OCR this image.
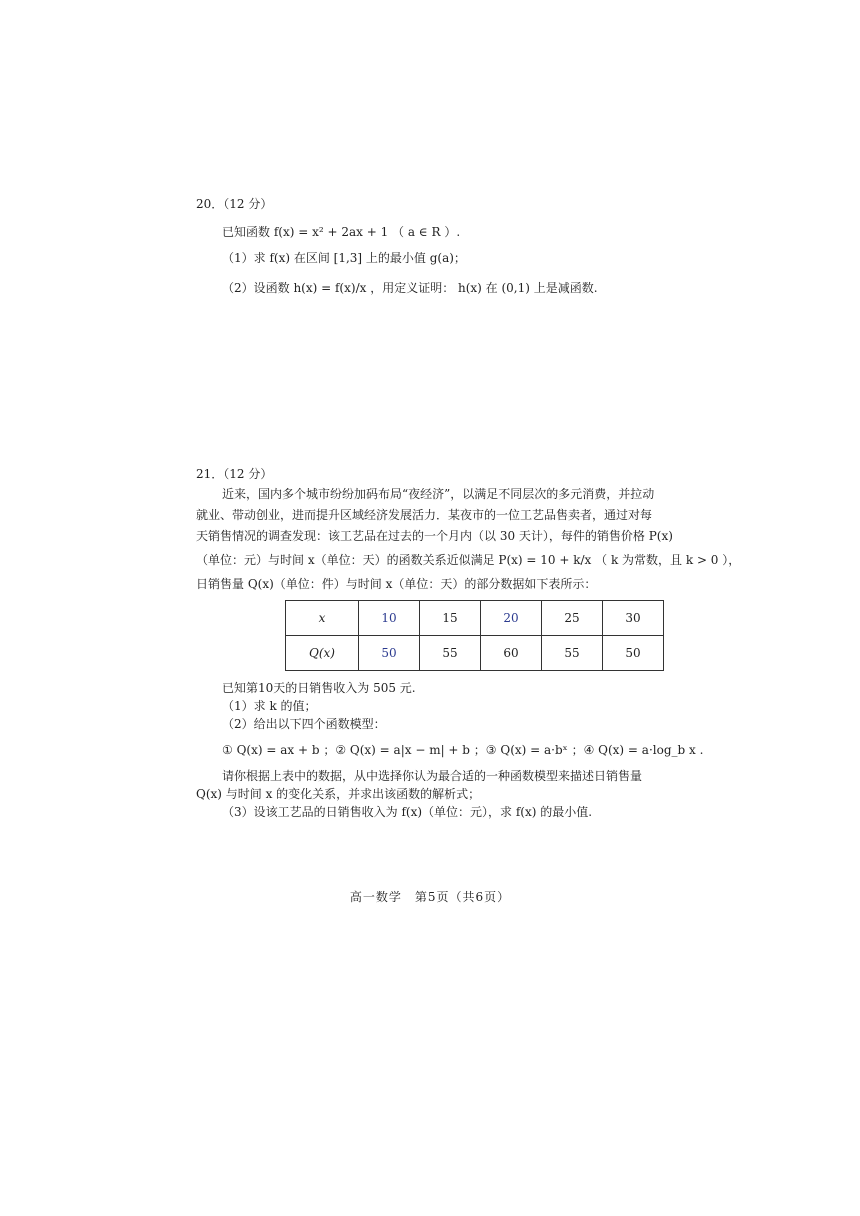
20．（12 分）
已知函数 f(x) = x² + 2ax + 1 （ a ∈ R ）.
（1）求 f(x) 在区间 [1,3] 上的最小值 g(a)；
（2）设函数 h(x) = f(x)/x ，用定义证明： h(x) 在 (0,1) 上是减函数.
21．（12 分）
近来，国内多个城市纷纷加码布局“夜经济”，以满足不同层次的多元消费，并拉动
就业、带动创业，进而提升区域经济发展活力．某夜市的一位工艺品售卖者，通过对每
天销售情况的调查发现：该工艺品在过去的一个月内（以 30 天计），每件的销售价格 P(x)
（单位：元）与时间 x（单位：天）的函数关系近似满足 P(x) = 10 + k/x （ k 为常数，且 k > 0 ），
日销售量 Q(x)（单位：件）与时间 x（单位：天）的部分数据如下表所示：
x	10	15	20	25	30
Q(x)	50	55	60	55	50
已知第10天的日销售收入为 505 元.
（1）求 k 的值；
（2）给出以下四个函数模型：
① Q(x) = ax + b ；② Q(x) = a|x − m| + b ；③ Q(x) = a·bˣ ；④ Q(x) = a·log_b x .
请你根据上表中的数据，从中选择你认为最合适的一种函数模型来描述日销售量
Q(x) 与时间 x 的变化关系，并求出该函数的解析式；
（3）设该工艺品的日销售收入为 f(x)（单位：元），求 f(x) 的最小值.
高一数学　第5页（共6页）
